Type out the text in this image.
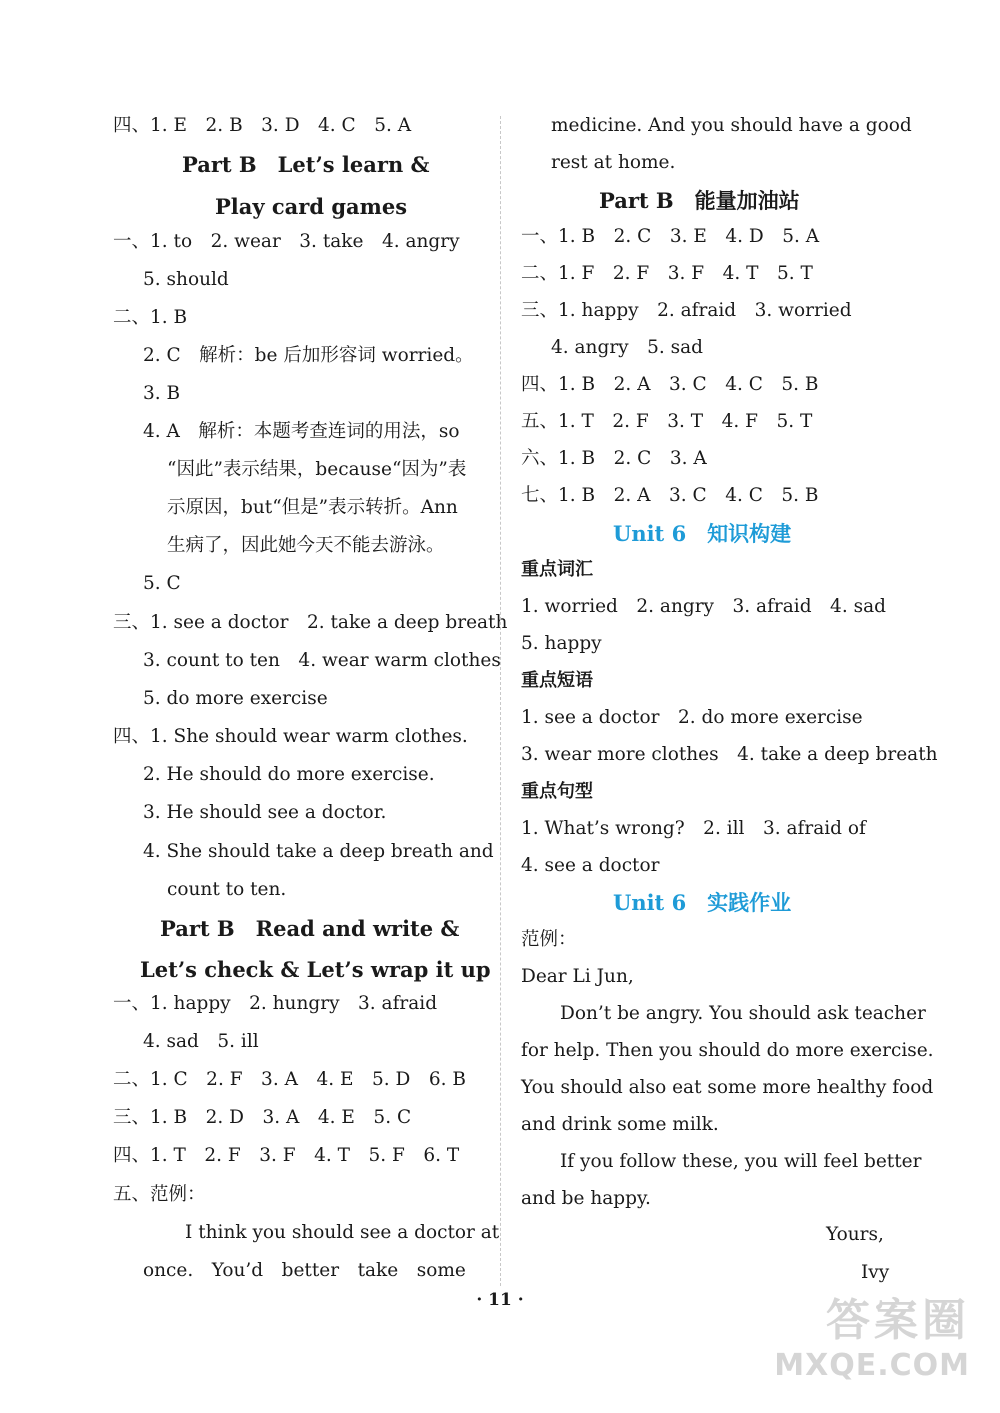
四、1. E　2. B　3. D　4. C　5. A
Part B　Let’s learn &
Play card games
一、1. to　2. wear　3. take　4. angry
5. should
二、1. B
2. C　解析：be 后加形容词 worried。
3. B
4. A　解析：本题考查连词的用法，so
“因此”表示结果，because“因为”表
示原因，but“但是”表示转折。Ann
生病了，因此她今天不能去游泳。
5. C
三、1. see a doctor　2. take a deep breath
3. count to ten　4. wear warm clothes
5. do more exercise
四、1. She should wear warm clothes.
2. He should do more exercise.
3. He should see a doctor.
4. She should take a deep breath and
count to ten.
Part B　Read and write &
Let’s check & Let’s wrap it up
一、1. happy　2. hungry　3. afraid
4. sad　5. ill
二、1. C　2. F　3. A　4. E　5. D　6. B
三、1. B　2. D　3. A　4. E　5. C
四、1. T　2. F　3. F　4. T　5. F　6. T
五、范例：
I think you should see a doctor at
once.　You’d　better　take　some
medicine. And you should have a good
rest at home.
Part B　能量加油站
一、1. B　2. C　3. E　4. D　5. A
二、1. F　2. F　3. F　4. T　5. T
三、1. happy　2. afraid　3. worried
4. angry　5. sad
四、1. B　2. A　3. C　4. C　5. B
五、1. T　2. F　3. T　4. F　5. T
六、1. B　2. C　3. A
七、1. B　2. A　3. C　4. C　5. B
Unit 6　知识构建
重点词汇
1. worried　2. angry　3. afraid　4. sad
5. happy
重点短语
1. see a doctor　2. do more exercise
3. wear more clothes　4. take a deep breath
重点句型
1. What’s wrong?　2. ill　3. afraid of
4. see a doctor
Unit 6　实践作业
范例：
Dear Li Jun,
Don’t be angry. You should ask teacher
for help. Then you should do more exercise.
You should also eat some more healthy food
and drink some milk.
If you follow these, you will feel better
and be happy.
Yours,
Ivy
· 11 ·	答案圈
MXQE.COM
